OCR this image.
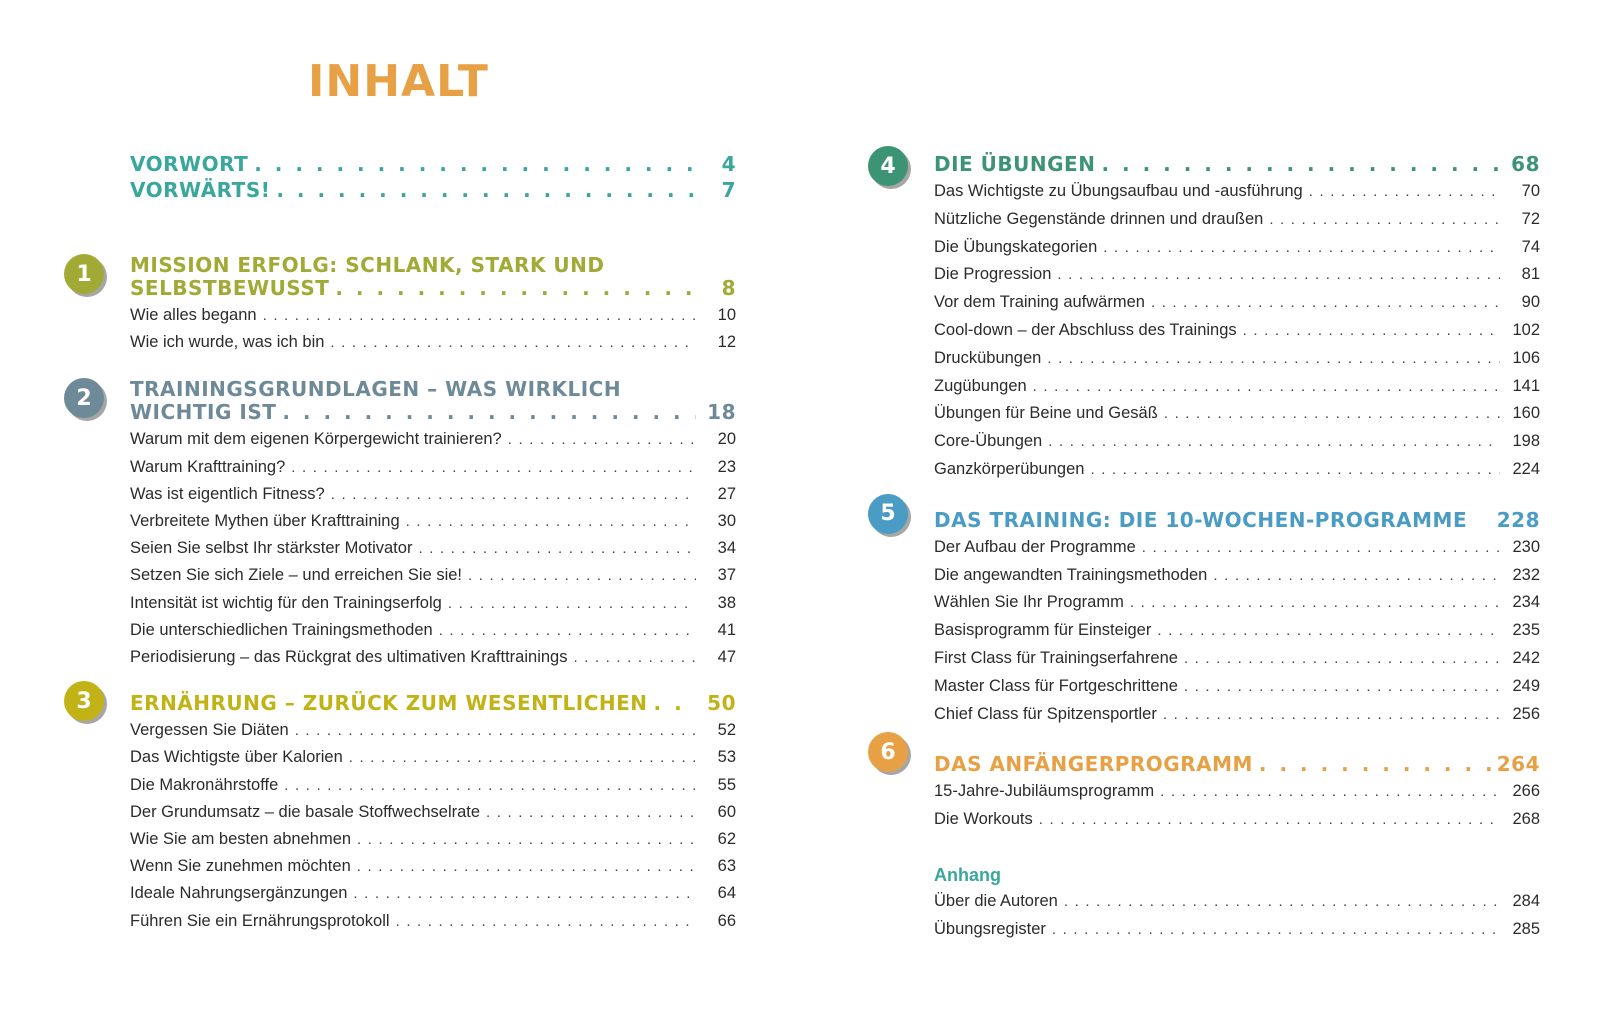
INHALT
VORWORT . . .	4
VORWÄRTS! . . .	7
1	MISSION ERFOLG: SCHLANK, STARK UND
SELBSTBEWUSST . . .	8
Wie alles begann . . .	10
Wie ich wurde, was ich bin . . .	12
2	TRAININGSGRUNDLAGEN – WAS WIRKLICH
WICHTIG IST . . .	18
Warum mit dem eigenen Körpergewicht trainieren? . . .	20
Warum Krafttraining? . . .	23
Was ist eigentlich Fitness? . . .	27
Verbreitete Mythen über Krafttraining . . .	30
Seien Sie selbst Ihr stärkster Motivator . . .	34
Setzen Sie sich Ziele – und erreichen Sie sie! . . .	37
Intensität ist wichtig für den Trainingserfolg . . .	38
Die unterschiedlichen Trainingsmethoden . . .	41
Periodisierung – das Rückgrat des ultimativen Krafttrainings . . .	47
3	ERNÄHRUNG – ZURÜCK ZUM WESENTLICHEN . . .	50
Vergessen Sie Diäten . . .	52
Das Wichtigste über Kalorien . . .	53
Die Makronährstoffe . . .	55
Der Grundumsatz – die basale Stoffwechselrate . . .	60
Wie Sie am besten abnehmen . . .	62
Wenn Sie zunehmen möchten . . .	63
Ideale Nahrungsergänzungen . . .	64
Führen Sie ein Ernährungsprotokoll . . .	66
4	DIE ÜBUNGEN . . .	68
Das Wichtigste zu Übungsaufbau und -ausführung . . .	70
Nützliche Gegenstände drinnen und draußen . . .	72
Die Übungskategorien . . .	74
Die Progression . . .	81
Vor dem Training aufwärmen . . .	90
Cool-down – der Abschluss des Trainings . . .	102
Druckübungen . . .	106
Zugübungen . . .	141
Übungen für Beine und Gesäß . . .	160
Core-Übungen . . .	198
Ganzkörperübungen . . .	224
5	DAS TRAINING: DIE 10-WOCHEN-PROGRAMME 228
Der Aufbau der Programme . . .	230
Die angewandten Trainingsmethoden . . .	232
Wählen Sie Ihr Programm . . .	234
Basisprogramm für Einsteiger . . .	235
First Class für Trainingserfahrene . . .	242
Master Class für Fortgeschrittene . . .	249
Chief Class für Spitzensportler . . .	256
6	DAS ANFÄNGERPROGRAMM . . .	264
15-Jahre-Jubiläumsprogramm . . .	266
Die Workouts . . .	268
Anhang
Über die Autoren . . .	284
Übungsregister . . .	285
